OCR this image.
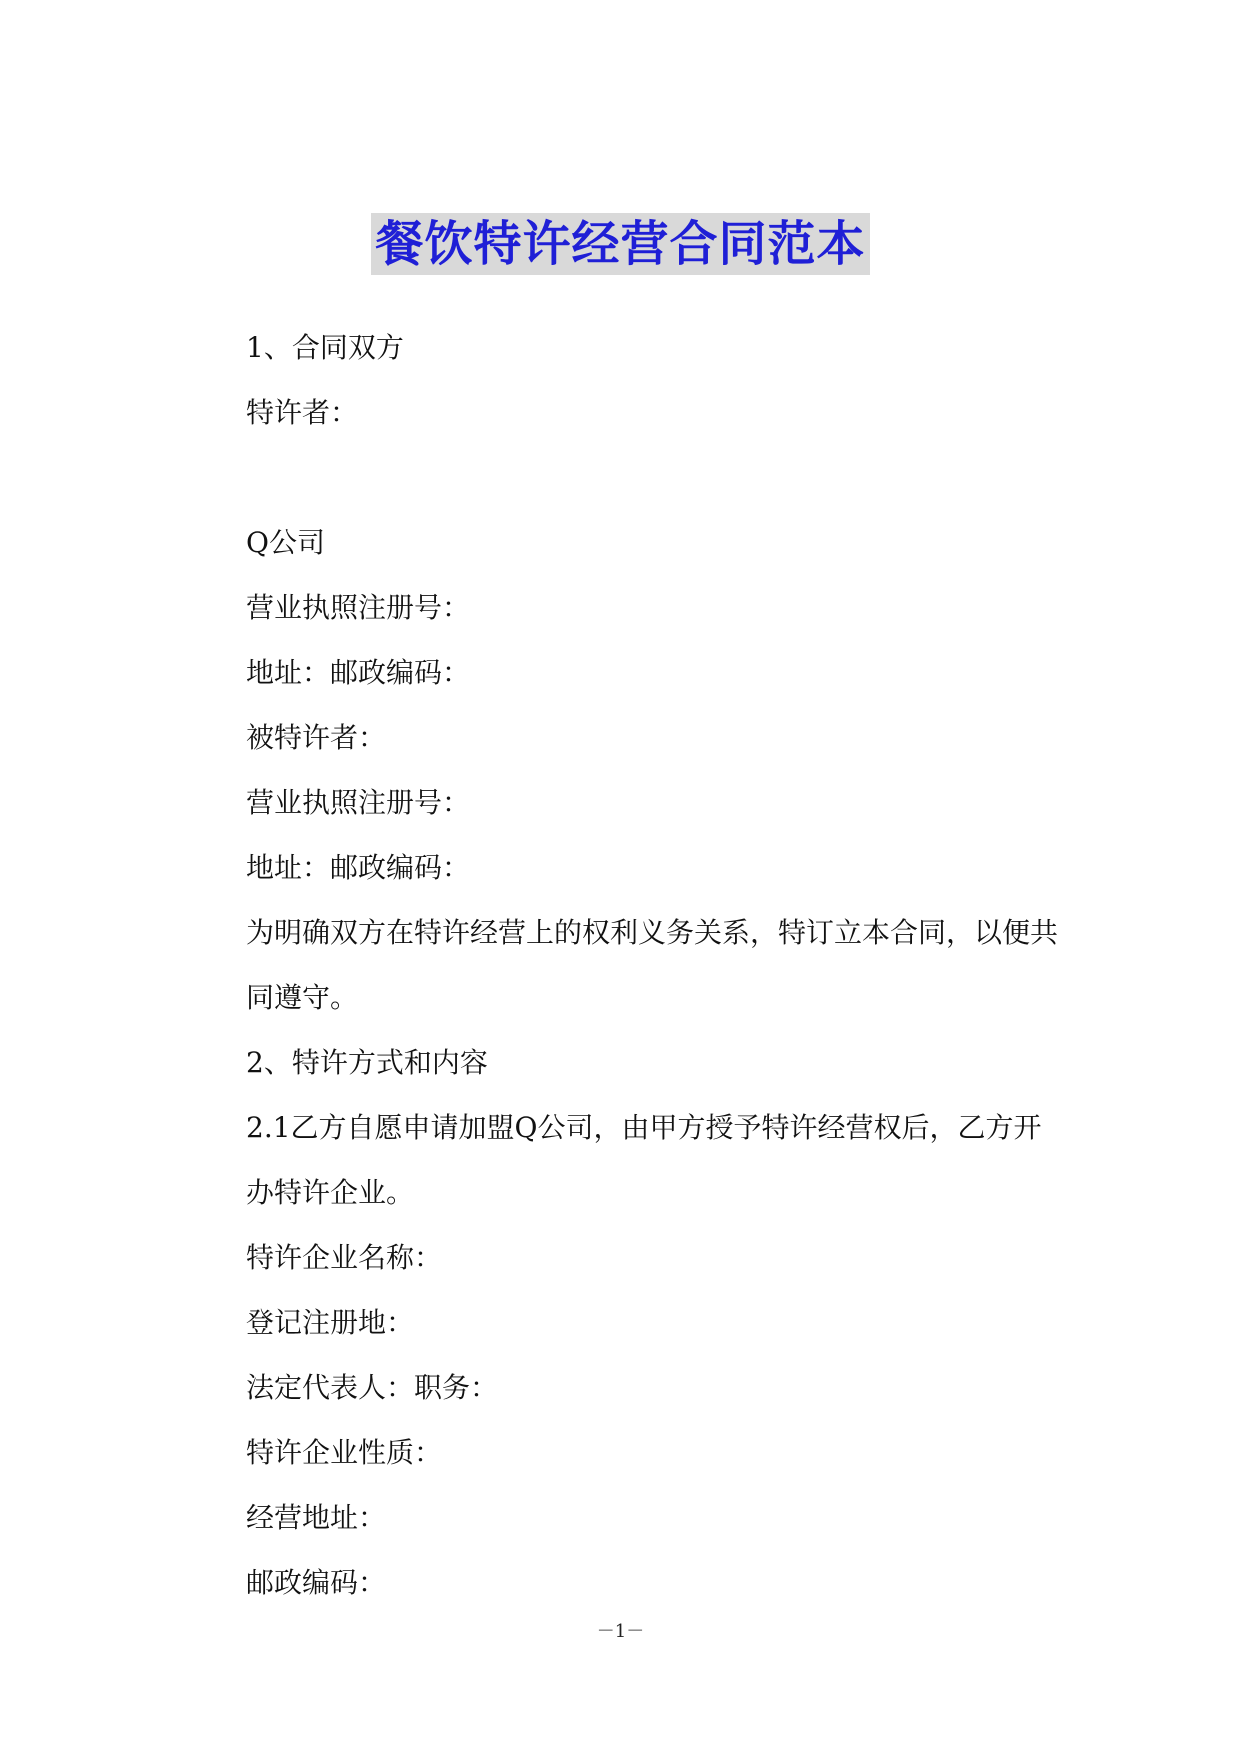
餐饮特许经营合同范本

1、合同双方

特许者：

Q公司

营业执照注册号：

地址：邮政编码：

被特许者：

营业执照注册号：

地址：邮政编码：

为明确双方在特许经营上的权利义务关系，特订立本合同，以便共同遵守。

2、特许方式和内容

2.1乙方自愿申请加盟Q公司，由甲方授予特许经营权后，乙方开办特许企业。

特许企业名称：

登记注册地：

法定代表人：职务：

特许企业性质：

经营地址：

邮政编码：

－1－
